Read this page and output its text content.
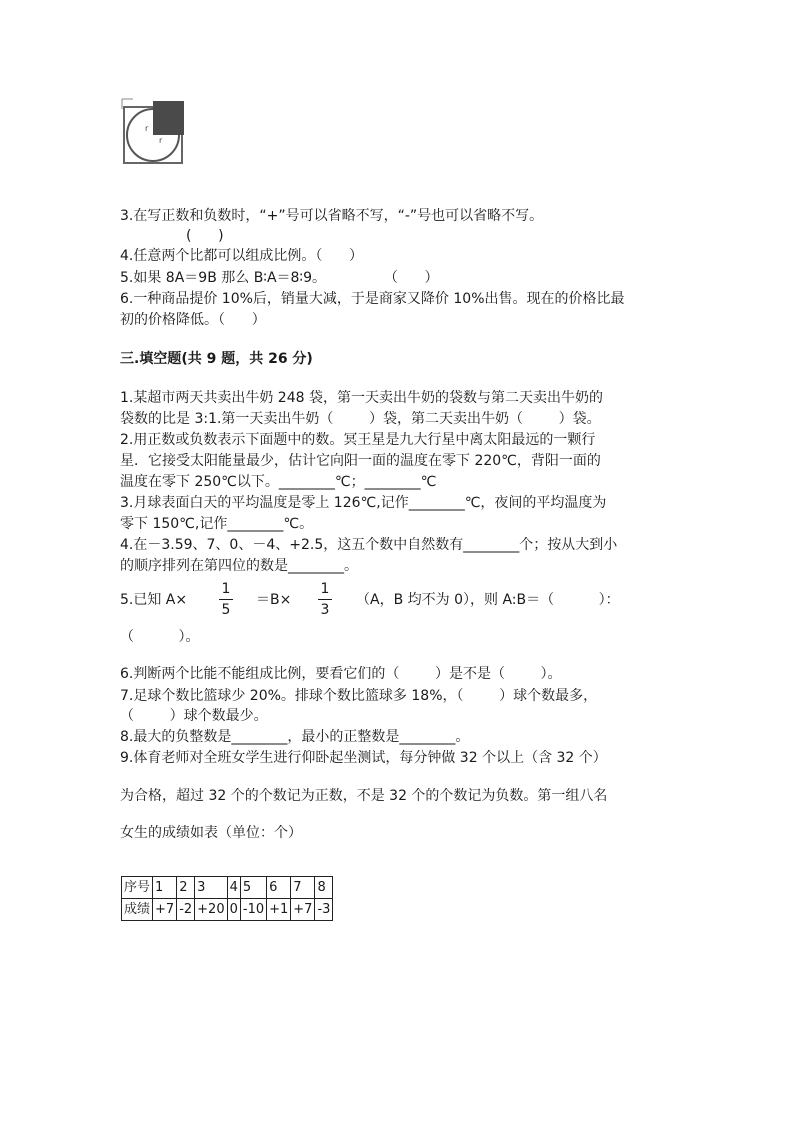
r
r
3.在写正数和负数时，“+”号可以省略不写，“-”号也可以省略不写。
(      )
4.任意两个比都可以组成比例。（      ）
5.如果 8A＝9B 那么 B∶A＝8∶9。             （      ）
6.一种商品提价 10%后，销量大减，于是商家又降价 10%出售。现在的价格比最
初的价格降低。（      ）
三.填空题(共 9 题，共 26 分)
1.某超市两天共卖出牛奶 248 袋，第一天卖出牛奶的袋数与第二天卖出牛奶的
袋数的比是 3:1.第一天卖出牛奶（        ）袋，第二天卖出牛奶（        ）袋。
2.用正数或负数表示下面题中的数。冥王星是九大行星中离太阳最远的一颗行
星．它接受太阳能量最少，估计它向阳一面的温度在零下 220℃，背阳一面的
温度在零下 250℃以下。________℃；________℃
3.月球表面白天的平均温度是零上 126℃,记作________℃，夜间的平均温度为
零下 150℃,记作________℃。
4.在－3.59、7、0、－4、+2.5，这五个数中自然数有________个；按从大到小
的顺序排列在第四位的数是________。
5.已知 A×
1
5
＝B×
1
3
（A，B 均不为 0），则 A:B＝（          ）：
（          ）。
6.判断两个比能不能组成比例，要看它们的（        ）是不是（        ）。
7.足球个数比篮球少 20%。排球个数比篮球多 18%，（        ）球个数最多，
（        ）球个数最少。
8.最大的负整数是________，最小的正整数是________。
9.体育老师对全班女学生进行仰卧起坐测试，每分钟做 32 个以上（含 32 个）
为合格，超过 32 个的个数记为正数，不是 32 个的个数记为负数。第一组八名
女生的成绩如表（单位：个）
序号	1	2	3	4	5	6	7	8
成绩	+7	-2	+20	0	-10	+1	+7	-3
